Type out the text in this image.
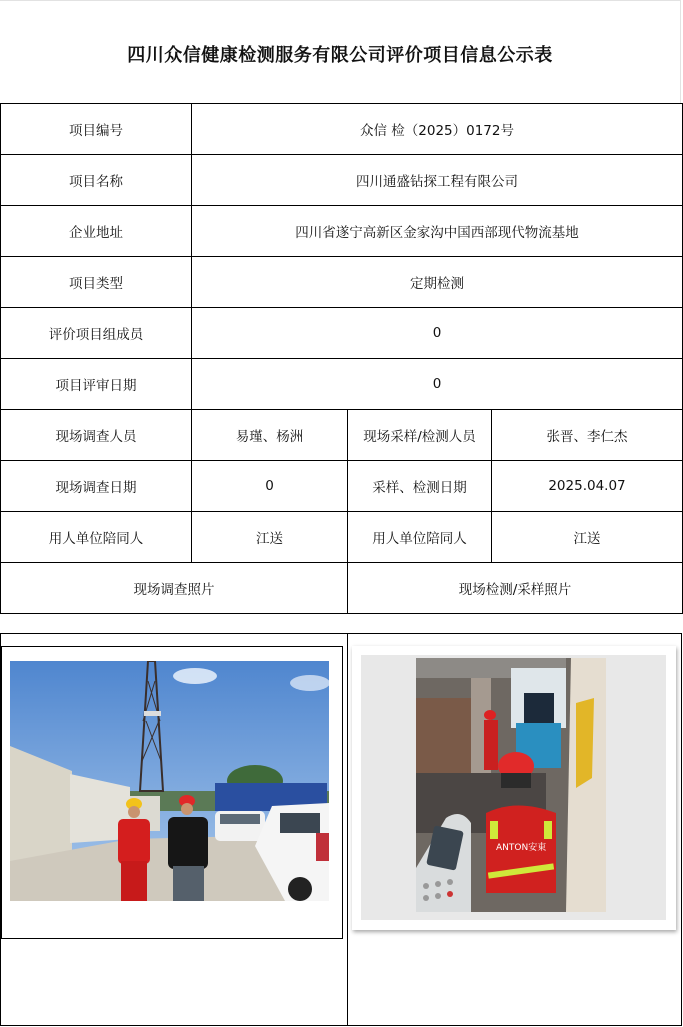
四川众信健康检测服务有限公司评价项目信息公示表
项目编号	众信 检（2025）0172号		
项目名称	四川通盛钻探工程有限公司		
企业地址	四川省遂宁高新区金家沟中国西部现代物流基地		
项目类型	定期检测		
评价项目组成员	0		
项目评审日期	0		
现场调查人员	易瑾、杨洲	现场采样/检测人员	张晋、李仁杰
现场调查日期	0	采样、检测日期	2025.04.07
用人单位陪同人	江送	用人单位陪同人	江送
现场调查照片		现场检测/采样照片	
ANTON安東
